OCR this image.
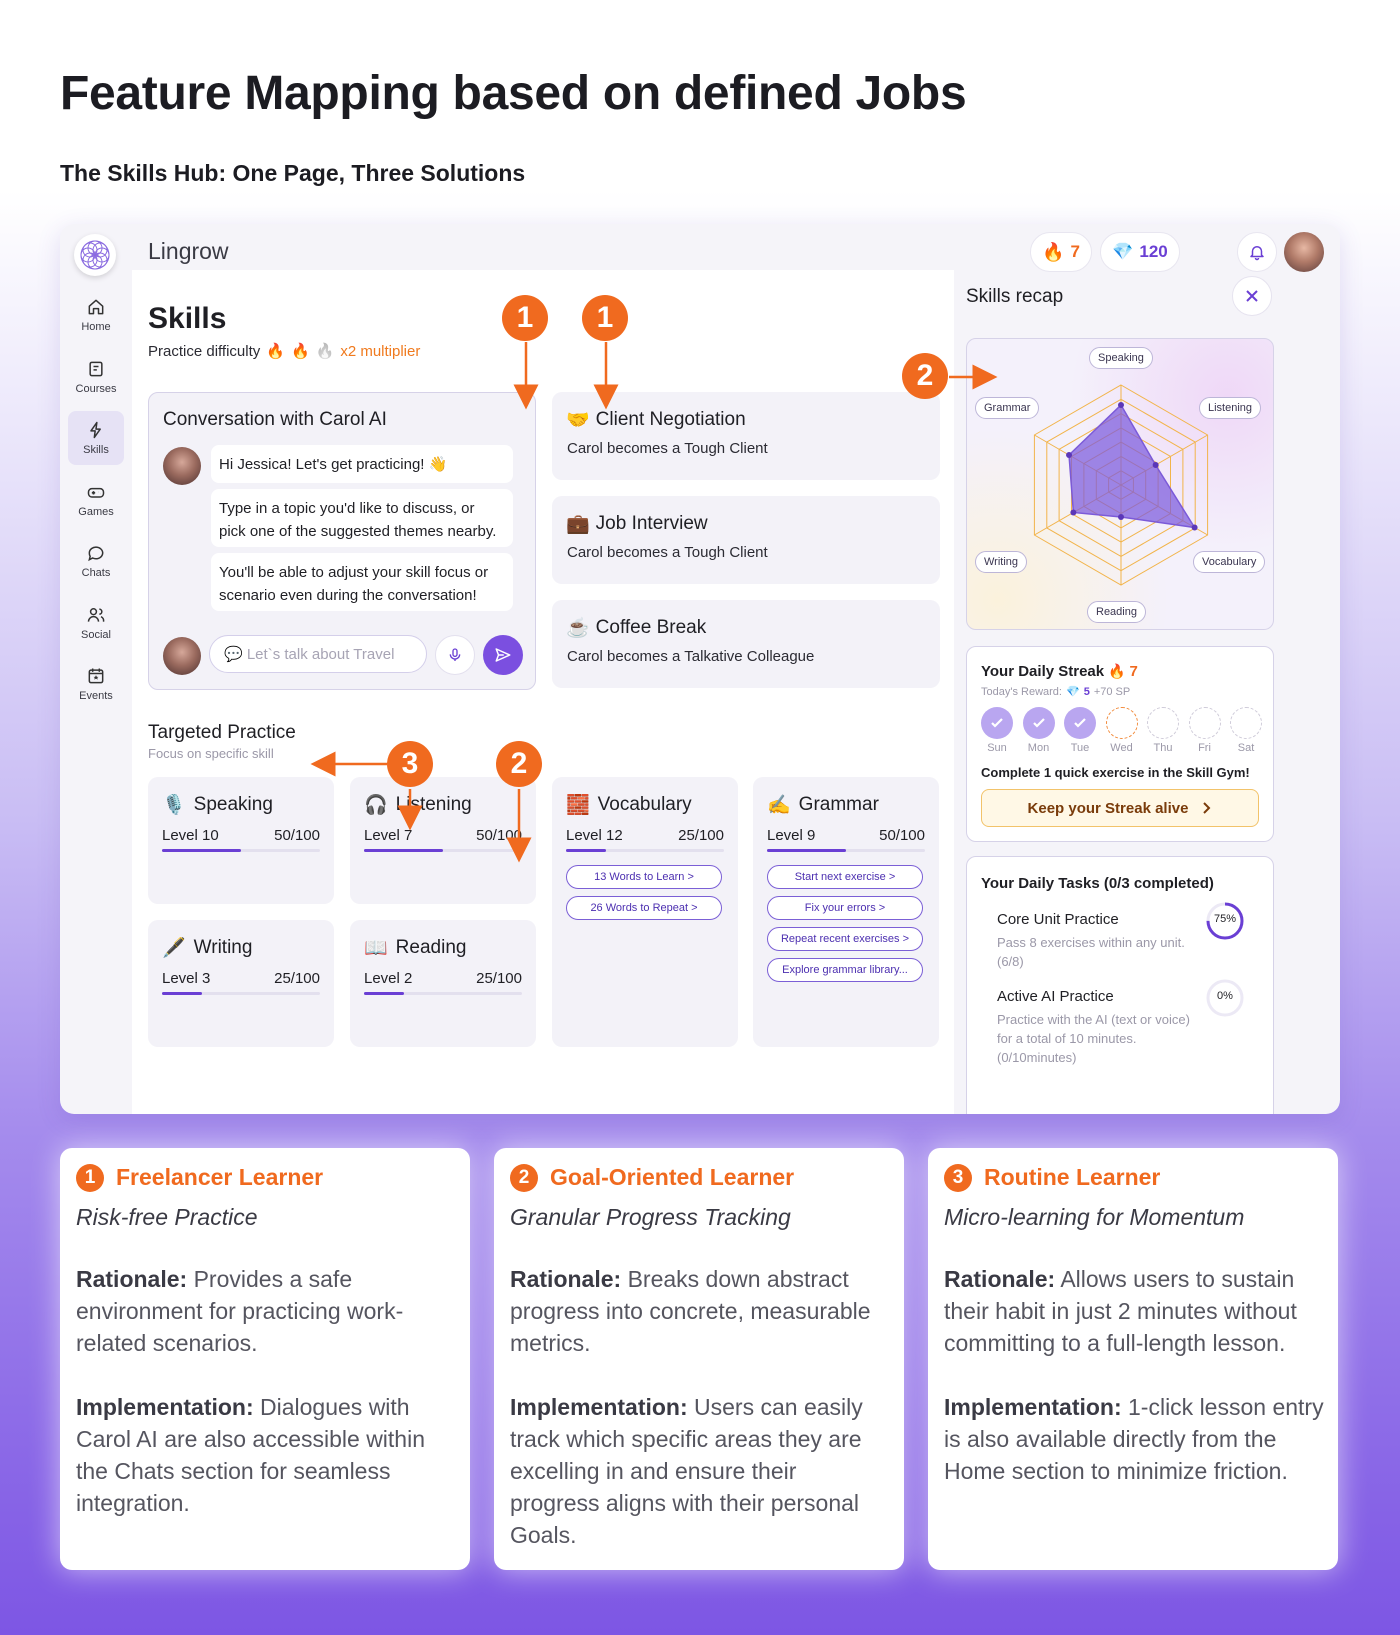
Feature Mapping based on defined Jobs
The Skills Hub: One Page, Three Solutions
Lingrow	🔥 7 💎 120
Home
Courses
Skills
Games
Chats
Social
Events
Skills
Practice difficulty 🔥 🔥 🔥 x2 multiplier
Conversation with Carol AI
Hi Jessica! Let's get practicing! 👋
Type in a topic you'd like to discuss, or pick one of the suggested themes nearby.
You'll be able to adjust your skill focus or scenario even during the conversation!
💬 Let`s talk about Travel
🤝 Client Negotiation
Carol becomes a Tough Client
💼 Job Interview
Carol becomes a Tough Client
☕ Coffee Break
Carol becomes a Talkative Colleague
Targeted Practice
Focus on specific skill
🎙️ Speaking
Level 10	50/100
🎧 Listening
Level 7	50/100
🧱 Vocabulary
Level 12	25/100
13 Words to Learn >
26 Words to Repeat >
✍️ Grammar
Level 9	50/100
Start next exercise >
Fix your errors >
Repeat recent exercises >
Explore grammar library...
🖋️ Writing
Level 3	25/100
📖 Reading
Level 2	25/100
Skills recap
Speaking
Listening
Vocabulary
Reading
Writing
Grammar
Your Daily Streak 🔥 7
Today's Reward: 💎 5 +70 SP
Sun	Mon	Tue	Wed	Thu	Fri	Sat
Complete 1 quick exercise in the Skill Gym!
Keep your Streak alive
Your Daily Tasks (0/3 completed)
Core Unit Practice
Pass 8 exercises within any unit. (6/8)
75%
Active AI Practice
Practice with the AI (text or voice) for a total of 10 minutes. (0/10minutes)
0%
1	1
2
3	2
1 Freelancer Learner
Risk-free Practice
Rationale: Provides a safe environment for practicing work-related scenarios.
Implementation: Dialogues with Carol AI are also accessible within the Chats section for seamless integration.
2 Goal-Oriented Learner
Granular Progress Tracking
Rationale: Breaks down abstract progress into concrete, measurable metrics.
Implementation: Users can easily track which specific areas they are excelling in and ensure their progress aligns with their personal Goals.
3 Routine Learner
Micro-learning for Momentum
Rationale: Allows users to sustain their habit in just 2 minutes without committing to a full-length lesson.
Implementation: 1-click lesson entry is also available directly from the Home section to minimize friction.
